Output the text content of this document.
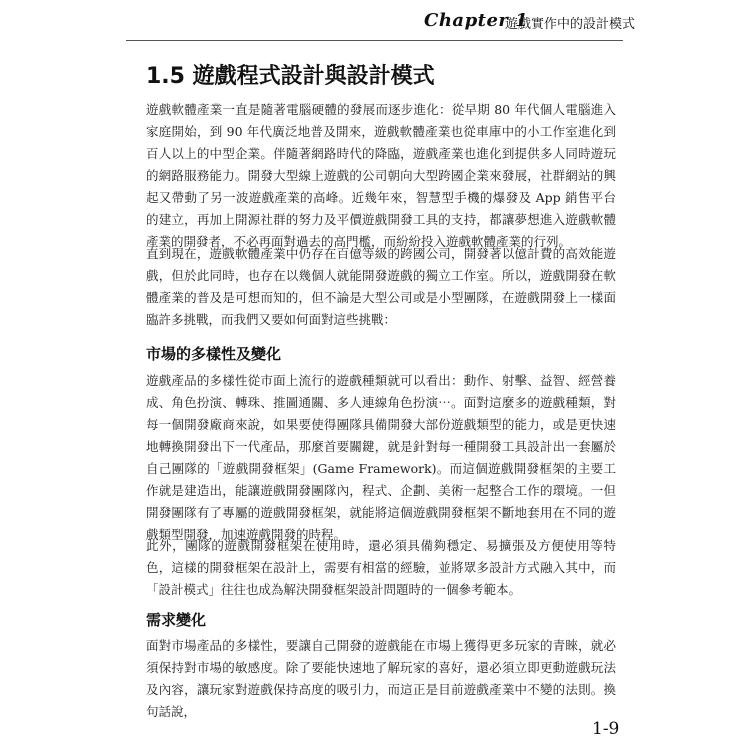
Chapter 1
遊戲實作中的設計模式
1.5 遊戲程式設計與設計模式

遊戲軟體產業一直是隨著電腦硬體的發展而逐步進化：從早期 80 年代個人電腦進入家庭開始，到 90 年代廣泛地普及開來，遊戲軟體產業也從車庫中的小工作室進化到百人以上的中型企業。伴隨著網路時代的降臨，遊戲產業也進化到提供多人同時遊玩的網路服務能力。開發大型線上遊戲的公司朝向大型跨國企業來發展，社群網站的興起又帶動了另一波遊戲產業的高峰。近幾年來，智慧型手機的爆發及 App 銷售平台的建立，再加上開源社群的努力及平價遊戲開發工具的支持，都讓夢想進入遊戲軟體產業的開發者，不必再面對過去的高門檻，而紛紛投入遊戲軟體產業的行列。

直到現在，遊戲軟體產業中仍存在百億等級的跨國公司，開發著以億計費的高效能遊戲，但於此同時，也存在以幾個人就能開發遊戲的獨立工作室。所以，遊戲開發在軟體產業的普及是可想而知的，但不論是大型公司或是小型團隊，在遊戲開發上一樣面臨許多挑戰，而我們又要如何面對這些挑戰：

市場的多樣性及變化

遊戲產品的多樣性從市面上流行的遊戲種類就可以看出：動作、射擊、益智、經營養成、角色扮演、轉珠、推圖通關、多人連線角色扮演⋯。面對這麼多的遊戲種類，對每一個開發廠商來說，如果要使得團隊具備開發大部份遊戲類型的能力，或是更快速地轉換開發出下一代產品，那麼首要關鍵，就是針對每一種開發工具設計出一套屬於自己團隊的「遊戲開發框架」(Game Framework)。而這個遊戲開發框架的主要工作就是建造出，能讓遊戲開發團隊內，程式、企劃、美術一起整合工作的環境。一但開發團隊有了專屬的遊戲開發框架，就能將這個遊戲開發框架不斷地套用在不同的遊戲類型開發，加速遊戲開發的時程。

此外，團隊的遊戲開發框架在使用時，還必須具備夠穩定、易擴張及方便使用等特色，這樣的開發框架在設計上，需要有相當的經驗，並將眾多設計方式融入其中，而「設計模式」往往也成為解決開發框架設計問題時的一個參考範本。

需求變化

面對市場產品的多樣性，要讓自己開發的遊戲能在市場上獲得更多玩家的青睞，就必須保持對市場的敏感度。除了要能快速地了解玩家的喜好，還必須立即更動遊戲玩法及內容，讓玩家對遊戲保持高度的吸引力，而這正是目前遊戲產業中不變的法則。換句話說，

1-9
